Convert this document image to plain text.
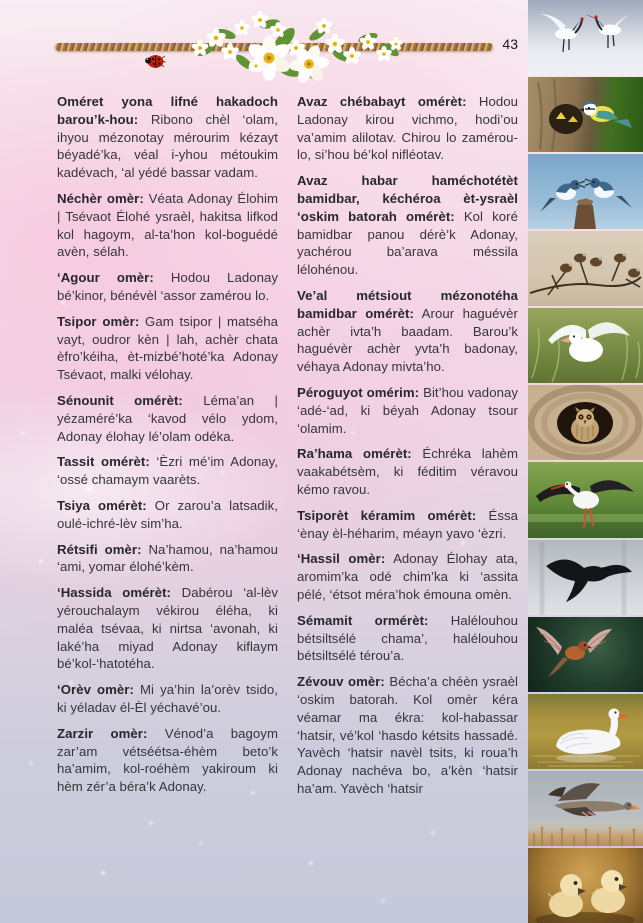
43

Oméret yona lifné hakadoch barou’k-hou: Ribono chèl ‘olam, ihyou mézonotay mérourim kézayt béyadé’ka, véal i-yhou métoukim kadévach, ‘al yédé bassar vadam.

Néchèr omèr: Véata Adonay Élohim | Tsévaot Élohé ysraèl, hakitsa lifkod kol hagoym, al-ta’hon kol-boguédé avèn, sélah.

‘Agour omèr: Hodou Ladonay bé’kinor, bénévèl ‘assor zamérou lo.

Tsipor omèr: Gam tsipor | matséha vayt, oudror kèn | lah, achèr chata èfro’kéiha, èt-mizbé’hoté’ka Adonay Tsévaot, malki vélohay.

Sénounit omérèt: Léma’an | yézaméré’ka ‘kavod vélo ydom, Adonay élohay lé’olam odéka.

Tassit omérèt: ‘Èzri mé’im Adonay, ‘ossé chamaym vaarèts.

Tsiya omérèt: Or zarou’a latsadik, oulé-ichré-lèv sim’ha.

Rétsifi omèr: Na’hamou, na’hamou ‘ami, yomar élohé’kèm.

‘Hassida omérèt: Dabérou ‘al-lèv yérouchalaym vékirou éléha, ki maléa tsévaa, ki nirtsa ‘avonah, ki laké’ha miyad Adonay kiflaym bé’kol-‘hatotéha.

‘Orèv omèr: Mi ya’hin la’orèv tsido, ki yéladav él-Èl yéchavé’ou.

Zarzir omèr: Vénod’a bagoym zar’am vétséétsa-éhèm beto’k ha’amim, kol-roéhèm yakiroum ki hèm zér’a béra’k Adonay.

Avaz chébabayt omérèt: Hodou Ladonay kirou vichmo, hodi’ou va’amim alilotav. Chirou lo zamérou-lo, si’hou bé’kol nifléotav.

Avaz habar haméchotétèt bamidbar, kéchéroa èt-ysraèl ‘oskim batorah omérèt: Kol koré bamidbar panou dérè’k Adonay, yachérou ba’arava méssila lélohénou.

Ve’al métsiout mézonotéha bamidbar omérèt: Arour haguévèr achèr ivta’h baadam. Barou’k haguévèr achèr yvta’h badonay, véhaya Adonay mivta’ho.

Péroguyot omérim: Bit’hou vadonay ‘adé-‘ad, ki béyah Adonay tsour ‘olamim.

Ra’hama omérèt: Échréka lahèm vaakabétsèm, ki féditim véravou kémo ravou.

Tsiporèt kéramim omérèt: Éssa ‘ènay èl-héharim, méayn yavo ‘èzri.

‘Hassil omèr: Adonay Élohay ata, aromim’ka odé chim’ka ki ‘assita pélé, ‘étsot méra’hok émouna omèn.

Sémamit ormérèt: Halélouhou bétsiltsélé chama’, halélouhou bétsiltsélé térou’a.

Zévouv omèr: Bécha’a chéèn ysraèl ‘oskim batorah. Kol omèr kéra véamar ma ékra: kol-habassar ‘hatsir, vé’kol ‘hasdo kétsits hassadé. Yavèch ‘hatsir navèl tsits, ki roua’h Adonay nachéva bo, a’kèn ‘hatsir ha’am. Yavèch ‘hatsir
